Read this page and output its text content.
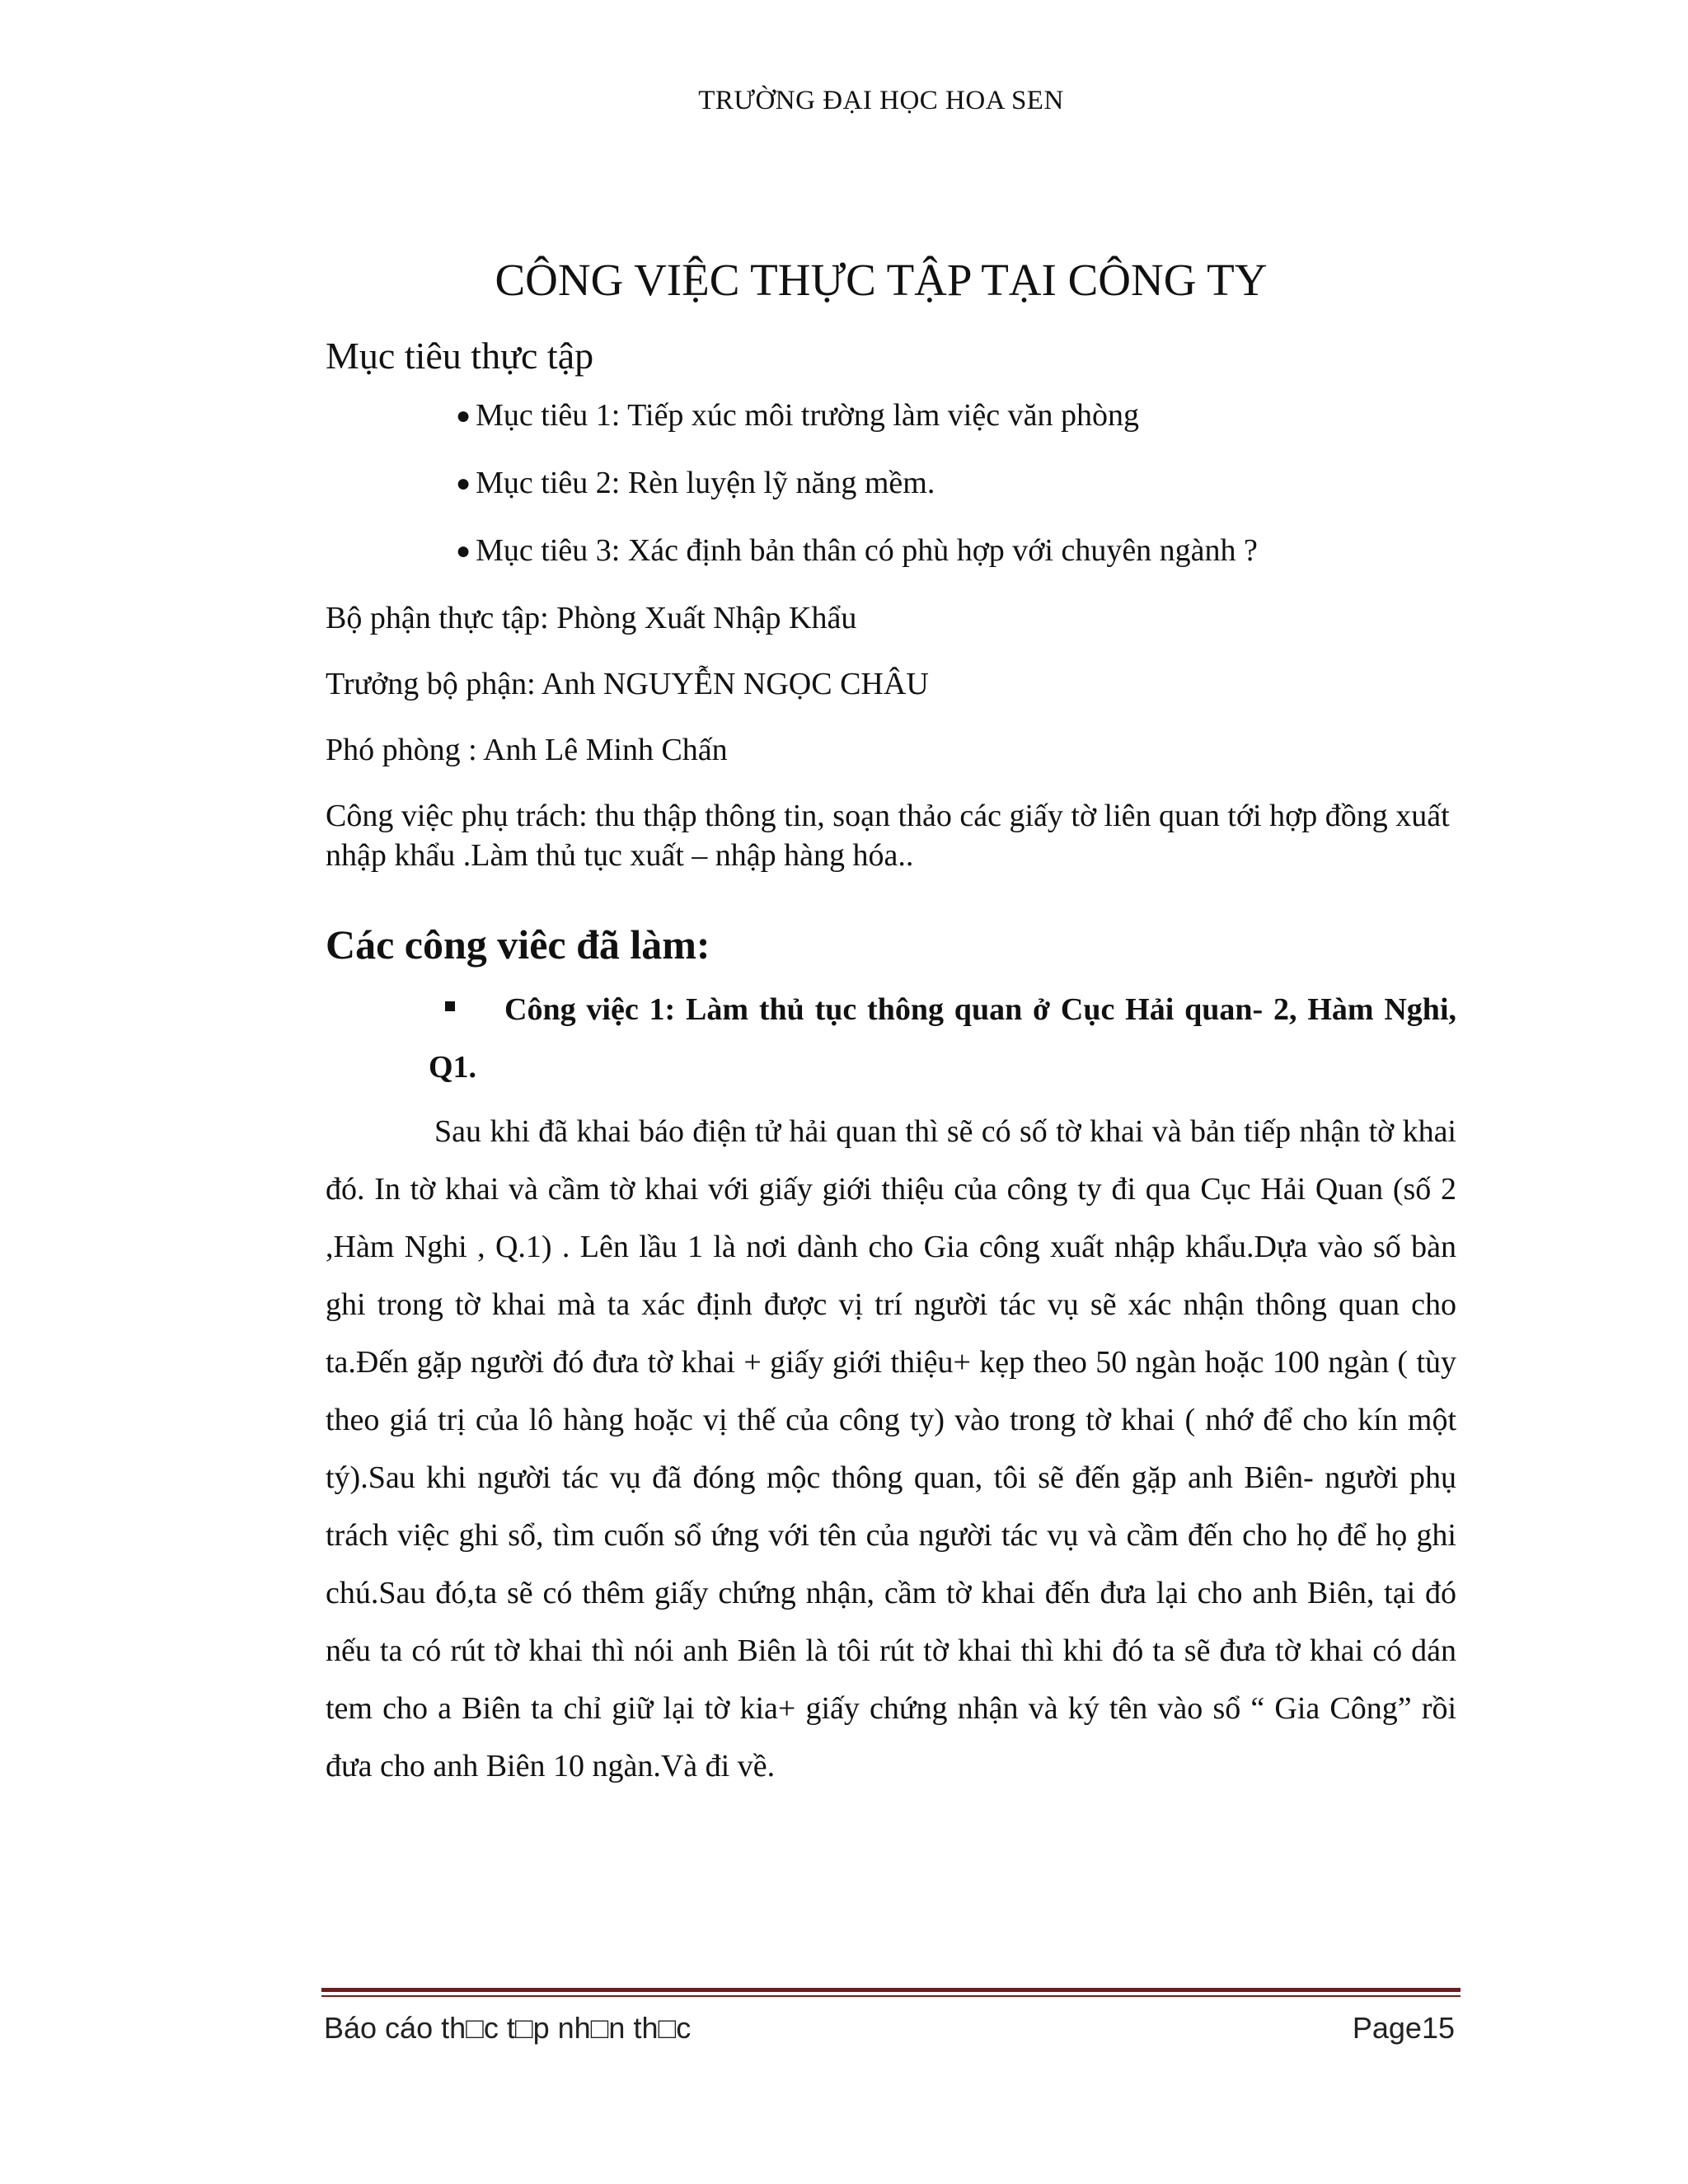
TRƯỜNG ĐẠI HỌC HOA SEN
CÔNG VIỆC THỰC TẬP TẠI CÔNG TY
Mục tiêu thực tập
● Mục tiêu 1: Tiếp xúc môi trường làm việc văn phòng
● Mục tiêu 2: Rèn luyện lỹ năng mềm.
● Mục tiêu 3: Xác định bản thân có phù hợp với chuyên ngành ?

Bộ phận thực tập: Phòng Xuất Nhập Khẩu

Trưởng bộ phận: Anh NGUYỄN NGỌC CHÂU

Phó phòng : Anh Lê Minh Chấn

Công việc phụ trách: thu thập thông tin, soạn thảo các giấy tờ liên quan tới hợp đồng xuất nhập khẩu .Làm thủ tục xuất – nhập hàng hóa..

Các công viêc đã làm:

Công việc 1: Làm thủ tục thông quan ở Cục Hải quan- 2, Hàm Nghi, Q1.

Sau khi đã khai báo điện tử hải quan thì sẽ có số tờ khai và bản tiếp nhận tờ khai đó. In tờ khai và cầm tờ khai với giấy giới thiệu của công ty đi qua Cục Hải Quan (số 2 ,Hàm Nghi , Q.1) . Lên lầu 1 là nơi dành cho Gia công xuất nhập khẩu.Dựa vào số bàn ghi trong tờ khai mà ta xác định được vị trí người tác vụ sẽ xác nhận thông quan cho ta.Đến gặp người đó đưa tờ khai + giấy giới thiệu+ kẹp theo 50 ngàn hoặc 100 ngàn ( tùy theo giá trị của lô hàng hoặc vị thế của công ty) vào trong tờ khai ( nhớ để cho kín một tý).Sau khi người tác vụ đã đóng mộc thông quan, tôi sẽ đến gặp anh Biên- người phụ trách việc ghi sổ, tìm cuốn sổ ứng với tên của người tác vụ và cầm đến cho họ để họ ghi chú.Sau đó,ta sẽ có thêm giấy chứng nhận, cầm tờ khai đến đưa lại cho anh Biên, tại đó nếu ta có rút tờ khai thì nói anh Biên là tôi rút tờ khai thì khi đó ta sẽ đưa tờ khai có dán tem cho a Biên ta chỉ giữ lại tờ kia+ giấy chứng nhận và ký tên vào sổ “ Gia Công” rồi đưa cho anh Biên 10 ngàn.Và đi về.

Báo cáo th□c t□p nh□n th□c	Page15
